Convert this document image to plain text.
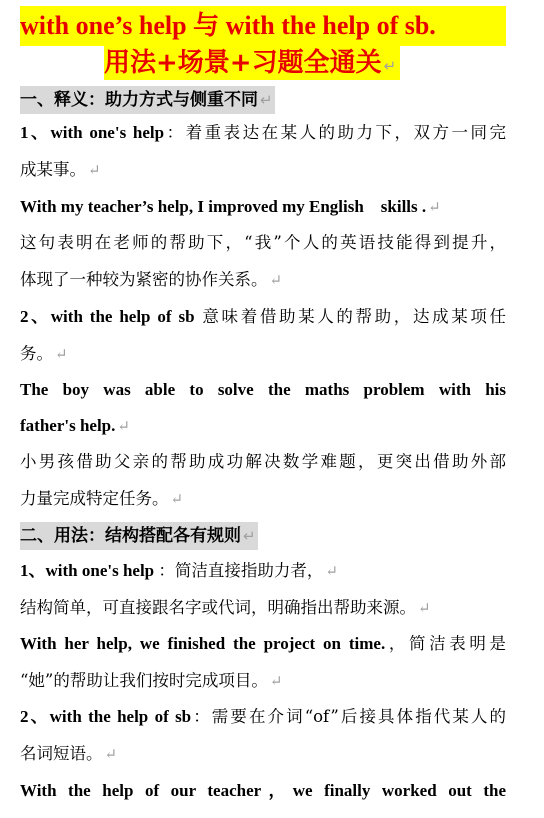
with one’s help 与 with the help of sb.
用法+场景+习题全通关 ↵
一、释义：助力方式与侧重不同 ↵
1、with one's help：着重表达在某人的助力下，双方一同完
成某事。 ↵
With my teacher’s help, I improved my English    skills . ↵
这句表明在老师的帮助下，“我”个人的英语技能得到提升，
体现了一种较为紧密的协作关系。 ↵
2、with the help of sb 意味着借助某人的帮助，达成某项任
务。 ↵
The boy was able to solve the maths problem with his
father's help. ↵
小男孩借助父亲的帮助成功解决数学难题，更突出借助外部
力量完成特定任务。 ↵
二、用法：结构搭配各有规则 ↵
1、with one's help ：简洁直接指助力者， ↵
结构简单，可直接跟名字或代词，明确指出帮助来源。 ↵
With her help, we finished the project on time.，简洁表明是
“她”的帮助让我们按时完成项目。 ↵
2、with the help of sb：需要在介词“of”后接具体指代某人的
名词短语。 ↵
With the help of our teacher，we finally worked out the
